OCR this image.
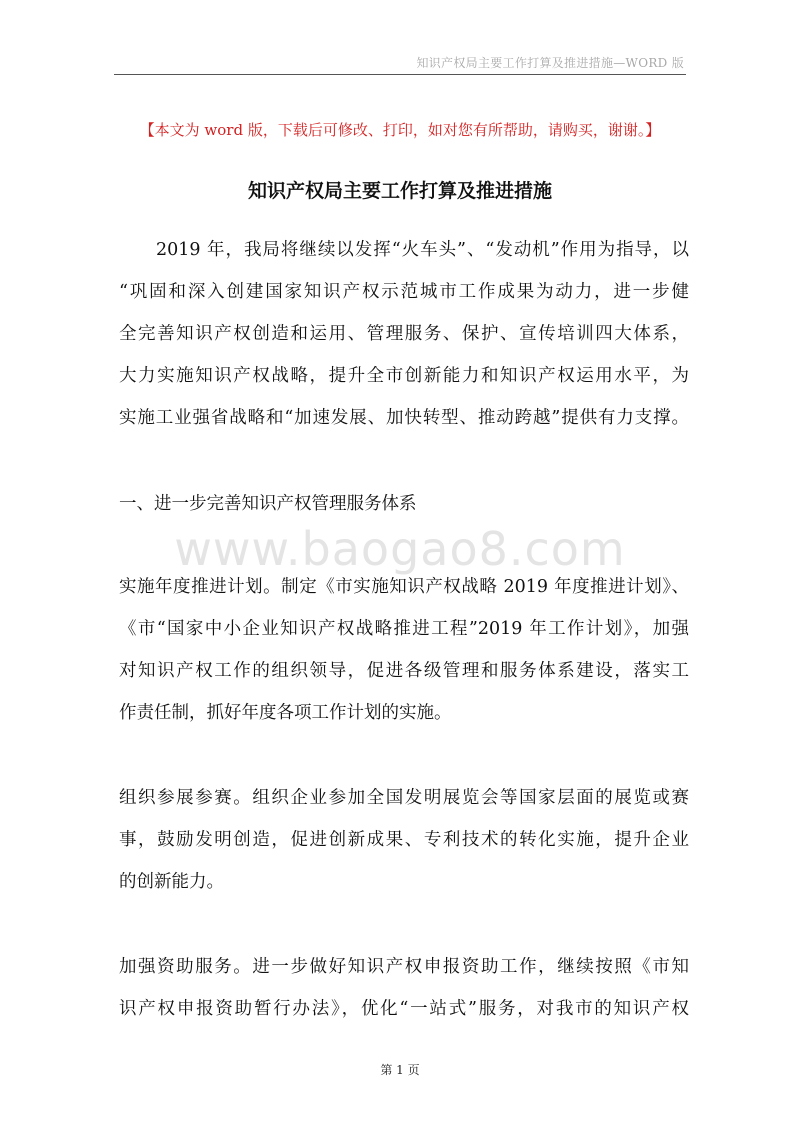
知识产权局主要工作打算及推进措施—WORD 版
【本文为 word 版，下载后可修改、打印，如对您有所帮助，请购买，谢谢。】
知识产权局主要工作打算及推进措施
www.baogao8.com
　　2019 年，我局将继续以发挥“火车头”、“发动机”作用为指导，以
“巩固和深入创建国家知识产权示范城市工作成果为动力，进一步健
全完善知识产权创造和运用、管理服务、保护、宣传培训四大体系，
大力实施知识产权战略，提升全市创新能力和知识产权运用水平，为
实施工业强省战略和“加速发展、加快转型、推动跨越”提供有力支撑。
一、进一步完善知识产权管理服务体系
实施年度推进计划。制定《市实施知识产权战略 2019 年度推进计划》、
《市“国家中小企业知识产权战略推进工程”2019 年工作计划》，加强
对知识产权工作的组织领导，促进各级管理和服务体系建设，落实工
作责任制，抓好年度各项工作计划的实施。
组织参展参赛。组织企业参加全国发明展览会等国家层面的展览或赛
事，鼓励发明创造，促进创新成果、专利技术的转化实施，提升企业
的创新能力。
加强资助服务。进一步做好知识产权申报资助工作，继续按照《市知
识产权申报资助暂行办法》，优化“一站式”服务，对我市的知识产权
第 1 页
